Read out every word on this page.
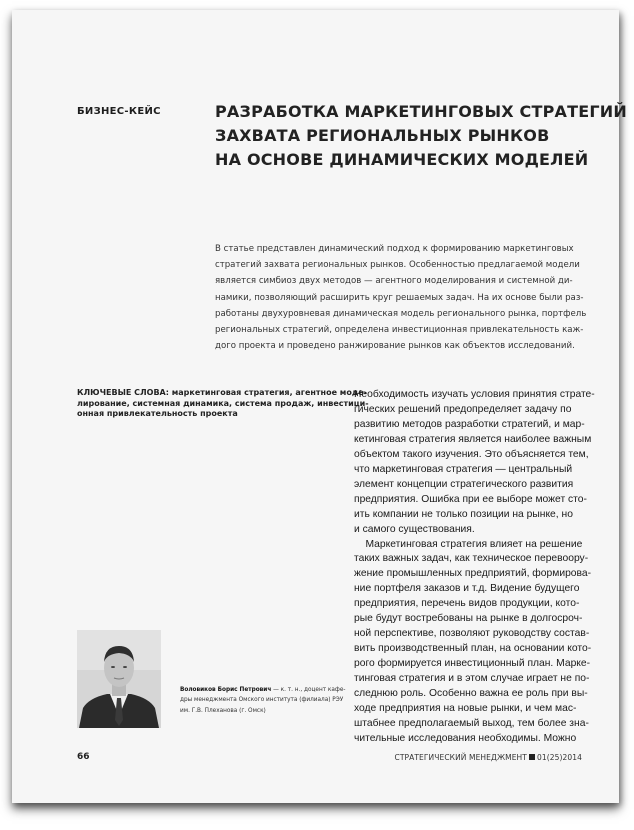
БИЗНЕС-КЕЙС	РАЗРАБОТКА МАРКЕТИНГОВЫХ СТРАТЕГИЙ
ЗАХВАТА РЕГИОНАЛЬНЫХ РЫНКОВ
НА ОСНОВЕ ДИНАМИЧЕСКИХ МОДЕЛЕЙ
В статье представлен динамический подход к формированию маркетинговых
стратегий захвата региональных рынков. Особенностью предлагаемой модели
является симбиоз двух методов — агентного моделирования и системной ди-
намики, позволяющий расширить круг решаемых задач. На их основе были раз-
работаны двухуровневая динамическая модель регионального рынка, портфель
региональных стратегий, определена инвестиционная привлекательность каж-
дого проекта и проведено ранжирование рынков как объектов исследований.
КЛЮЧЕВЫЕ СЛОВА: маркетинговая стратегия, агентное моде-
лирование, системная динамика, система продаж, инвестици-
онная привлекательность проекта
Необходимость изучать условия принятия страте-
гических решений предопределяет задачу по
развитию методов разработки стратегий, и мар-
кетинговая стратегия является наиболее важным
объектом такого изучения. Это объясняется тем,
что маркетинговая стратегия — центральный
элемент концепции стратегического развития
предприятия. Ошибка при ее выборе может сто-
ить компании не только позиции на рынке, но
и самого существования.
Маркетинговая стратегия влияет на решение
таких важных задач, как техническое перевоору-
жение промышленных предприятий, формирова-
ние портфеля заказов и т.д. Видение будущего
предприятия, перечень видов продукции, кото-
рые будут востребованы на рынке в долгосроч-
ной перспективе, позволяют руководству состав-
вить производственный план, на основании кото-
рого формируется инвестиционный план. Марке-
тинговая стратегия и в этом случае играет не по-
следнюю роль. Особенно важна ее роль при вы-
ходе предприятия на новые рынки, и чем мас-
штабнее предполагаемый выход, тем более зна-
чительные исследования необходимы. Можно
Воловиков Борис Петрович — к. т. н., доцент кафе-
дры менеджмента Омского института (филиала) РЭУ
им. Г.В. Плеханова (г. Омск)
66	СТРАТЕГИЧЕСКИЙ МЕНЕДЖМЕНТ 01(25)2014
